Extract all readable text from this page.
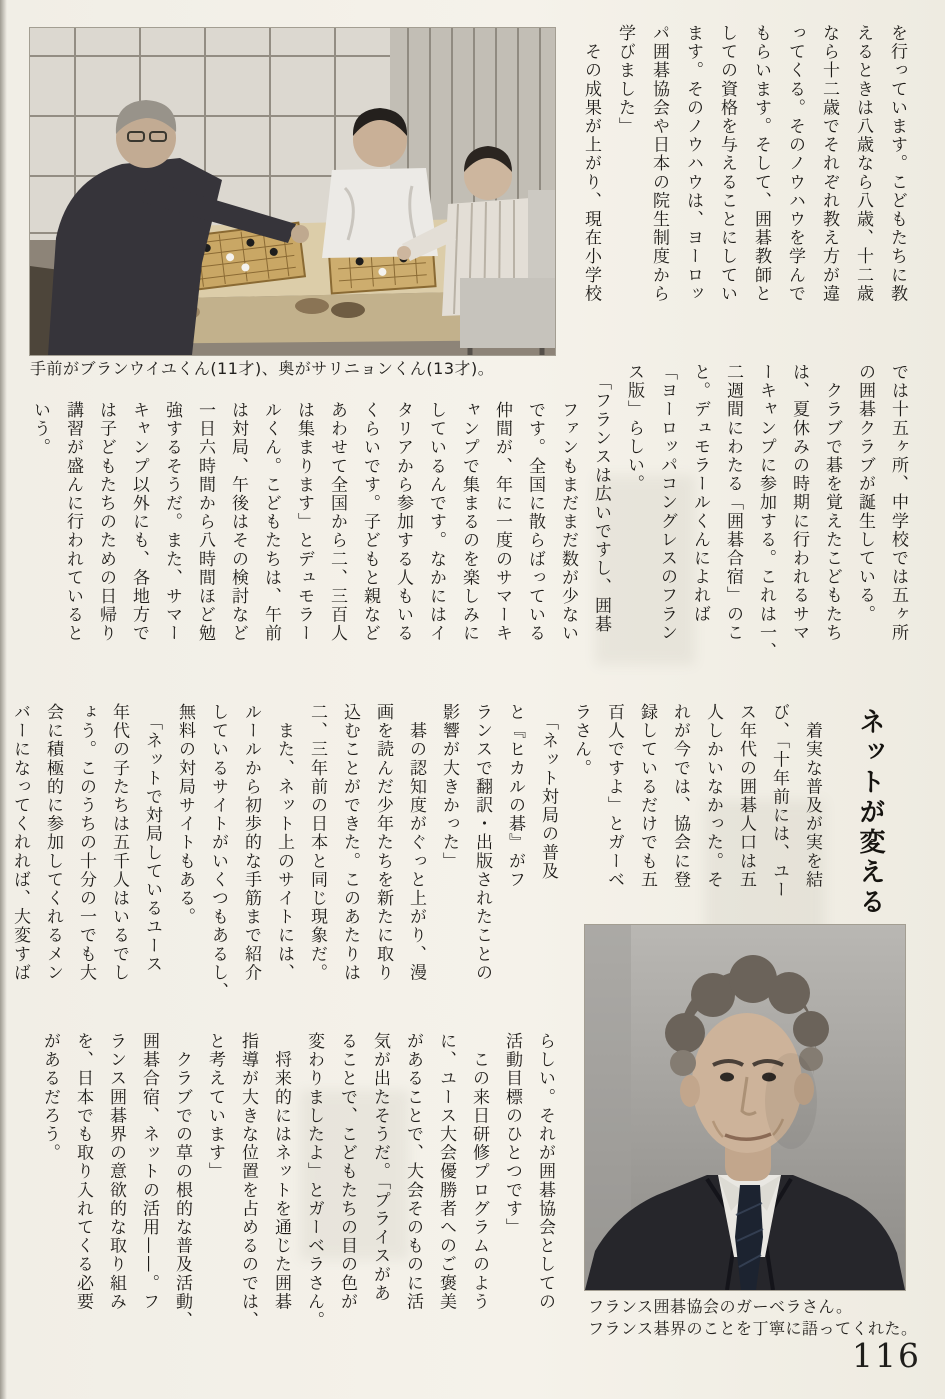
手前がブランウイユくん(11才)、奥がサリニョンくん(13才)。
を行っています。こどもたちに教
えるときは八歳なら八歳、十二歳
なら十二歳でそれぞれ教え方が違
ってくる。そのノウハウを学んで
もらいます。そして、囲碁教師と
しての資格を与えることにしてい
ます。そのノウハウは、ヨーロッ
パ囲碁協会や日本の院生制度から
学びました」
　その成果が上がり、現在小学校
では十五ヶ所、中学校では五ヶ所
の囲碁クラブが誕生している。
　クラブで碁を覚えたこどもたち
は、夏休みの時期に行われるサマ
ーキャンプに参加する。これは一、
二週間にわたる「囲碁合宿」のこ
と。デュモラールくんによれば
「ヨーロッパコングレスのフラン
ス版」らしい。
　「フランスは広いですし、囲碁
ファンもまだまだ数が少ない
です。全国に散らばっている
仲間が、年に一度のサマーキ
ャンプで集まるのを楽しみに
しているんです。なかにはイ
タリアから参加する人もいる
くらいです。子どもと親など
あわせて全国から二、三百人
は集まります」とデュモラー
ルくん。こどもたちは、午前
は対局、午後はその検討など
一日六時間から八時間ほど勉
強するそうだ。また、サマー
キャンプ以外にも、各地方で
は子どもたちのための日帰り
講習が盛んに行われていると
いう。
ネットが変える
　着実な普及が実を結
び、「十年前には、ユー
ス年代の囲碁人口は五
人しかいなかった。そ
れが今では、協会に登
録しているだけでも五
百人ですよ」とガーベ
ラさん。
　「ネット対局の普及
と『ヒカルの碁』がフ
ランスで翻訳・出版されたことの
影響が大きかった」
　碁の認知度がぐっと上がり、漫
画を読んだ少年たちを新たに取り
込むことができた。このあたりは
二、三年前の日本と同じ現象だ。
　また、ネット上のサイトには、
ルールから初歩的な手筋まで紹介
しているサイトがいくつもあるし、
無料の対局サイトもある。
　「ネットで対局しているユース
年代の子たちは五千人はいるでし
ょう。このうちの十分の一でも大
会に積極的に参加してくれるメン
バーになってくれれば、大変すば
らしい。それが囲碁協会としての
活動目標のひとつです」
　この来日研修プログラムのよう
に、ユース大会優勝者へのご褒美
があることで、大会そのものに活
気が出たそうだ。「プライスがあ
ることで、こどもたちの目の色が
変わりましたよ」とガーベラさん。
　将来的にはネットを通じた囲碁
指導が大きな位置を占めるのでは、
と考えています」
　クラブでの草の根的な普及活動、
囲碁合宿、ネットの活用——。フ
ランス囲碁界の意欲的な取り組み
を、日本でも取り入れてくる必要
があるだろう。
フランス囲碁協会のガーベラさん。
フランス碁界のことを丁寧に語ってくれた。
116
